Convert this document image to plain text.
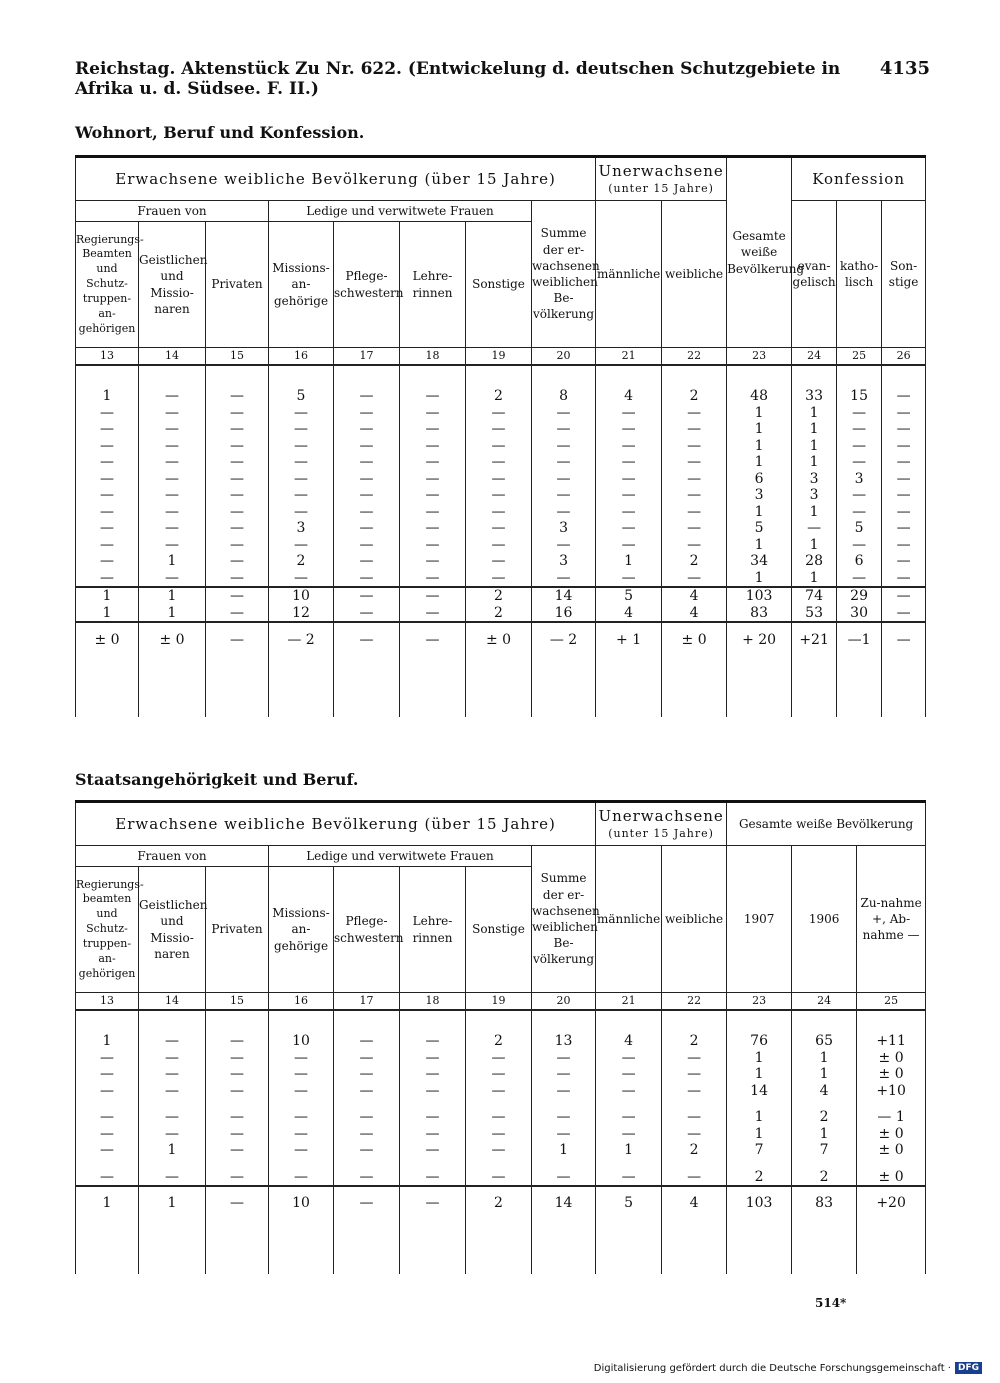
Reichstag. Aktenstück Zu Nr. 622. (Entwickelung d. deutschen Schutzgebiete in Afrika u. d. Südsee. F. II.)
4135
Wohnort, Beruf und Konfession.
Erwachsene weibliche Bevölkerung (über 15 Jahre)								Unerwachsene
(unter 15 Jahre)		Gesamte weiße Bevölkerung	Konfession		
Frauen von			Ledige und verwitwete Frauen				Summe der er-wachsenen weiblichen Be-völkerung	männliche	weibliche		evan-gelisch	katho-lisch	Son-stige
Regierungs-Beamten und Schutz-truppen-an-gehörigen	Geistlichen und Missio-naren	Privaten	Missions-an-gehörige	Pflege-schwestern	Lehre-rinnen	Sonstige							
13	14	15	16	17	18	19	20	21	22	23	24	25	26

1	—	—	5	—	—	2	8	4	2	48	33	15	—
—	—	—	—	—	—	—	—	—	—	1	1	—	—
—	—	—	—	—	—	—	—	—	—	1	1	—	—
—	—	—	—	—	—	—	—	—	—	1	1	—	—
—	—	—	—	—	—	—	—	—	—	1	1	—	—
—	—	—	—	—	—	—	—	—	—	6	3	3	—
—	—	—	—	—	—	—	—	—	—	3	3	—	—
—	—	—	—	—	—	—	—	—	—	1	1	—	—
—	—	—	3	—	—	—	3	—	—	5	—	5	—
—	—	—	—	—	—	—	—	—	—	1	1	—	—
—	1	—	2	—	—	—	3	1	2	34	28	6	—
—	—	—	—	—	—	—	—	—	—	1	1	—	—
1	1	—	10	—	—	2	14	5	4	103	74	29	—
1	1	—	12	—	—	2	16	4	4	83	53	30	—
± 0	± 0	—	— 2	—	—	± 0	— 2	+ 1	± 0	+ 20	+21	—1	—

Staatsangehörigkeit und Beruf.
Erwachsene weibliche Bevölkerung (über 15 Jahre)								Unerwachsene
(unter 15 Jahre)		Gesamte weiße Bevölkerung		
Frauen von			Ledige und verwitwete Frauen				Summe der er-wachsenen weiblichen Be-völkerung	männliche	weibliche	1907	1906	Zu-nahme +, Ab-nahme —
Regierungs-beamten und Schutz-truppen-an-gehörigen	Geistlichen und Missio-naren	Privaten	Missions-an-gehörige	Pflege-schwestern	Lehre-rinnen	Sonstige						
13	14	15	16	17	18	19	20	21	22	23	24	25

1	—	—	10	—	—	2	13	4	2	76	65	+11
—	—	—	—	—	—	—	—	—	—	1	1	± 0
—	—	—	—	—	—	—	—	—	—	1	1	± 0
—	—	—	—	—	—	—	—	—	—	14	4	+10

—	—	—	—	—	—	—	—	—	—	1	2	— 1
—	—	—	—	—	—	—	—	—	—	1	1	± 0
—	1	—	—	—	—	—	1	1	2	7	7	± 0

—	—	—	—	—	—	—	—	—	—	2	2	± 0
1	1	—	10	—	—	2	14	5	4	103	83	+20

514*
Digitalisierung gefördert durch die Deutsche Forschungsgemeinschaft · DFG
